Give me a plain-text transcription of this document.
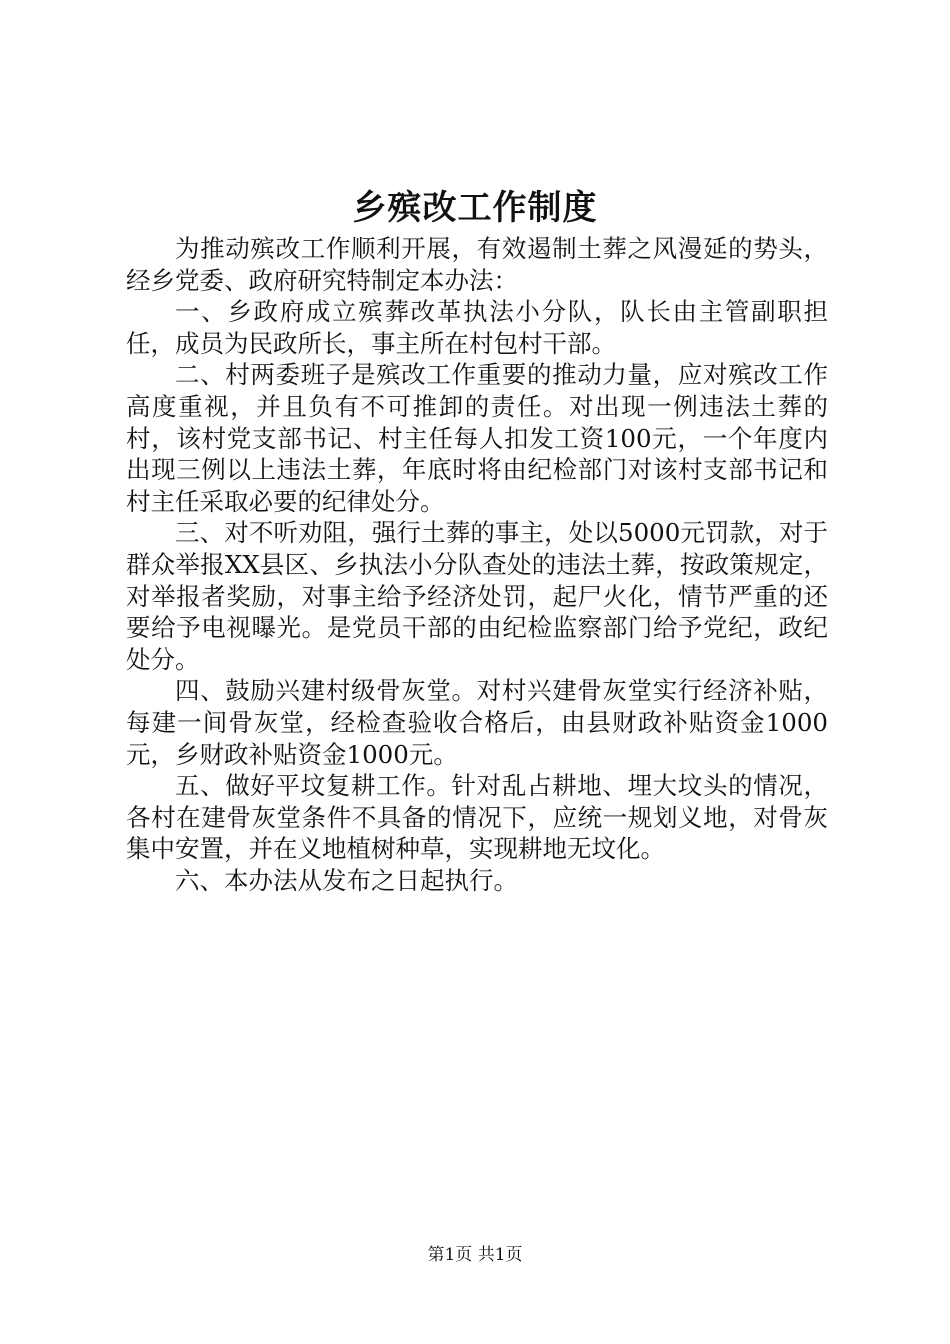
乡殡改工作制度

为推动殡改工作顺利开展，有效遏制土葬之风漫延的势头，经乡党委、政府研究特制定本办法：

一、乡政府成立殡葬改革执法小分队，队长由主管副职担任，成员为民政所长，事主所在村包村干部。

二、村两委班子是殡改工作重要的推动力量，应对殡改工作高度重视，并且负有不可推卸的责任。对出现一例违法土葬的村，该村党支部书记、村主任每人扣发工资100元，一个年度内出现三例以上违法土葬，年底时将由纪检部门对该村支部书记和村主任采取必要的纪律处分。

三、对不听劝阻，强行土葬的事主，处以5000元罚款，对于群众举报XX县区、乡执法小分队查处的违法土葬，按政策规定，对举报者奖励，对事主给予经济处罚，起尸火化，情节严重的还要给予电视曝光。是党员干部的由纪检监察部门给予党纪，政纪处分。

四、鼓励兴建村级骨灰堂。对村兴建骨灰堂实行经济补贴，每建一间骨灰堂，经检查验收合格后，由县财政补贴资金1000元，乡财政补贴资金1000元。

五、做好平坟复耕工作。针对乱占耕地、埋大坟头的情况，各村在建骨灰堂条件不具备的情况下，应统一规划义地，对骨灰集中安置，并在义地植树种草，实现耕地无坟化。

六、本办法从发布之日起执行。

第1页 共1页
